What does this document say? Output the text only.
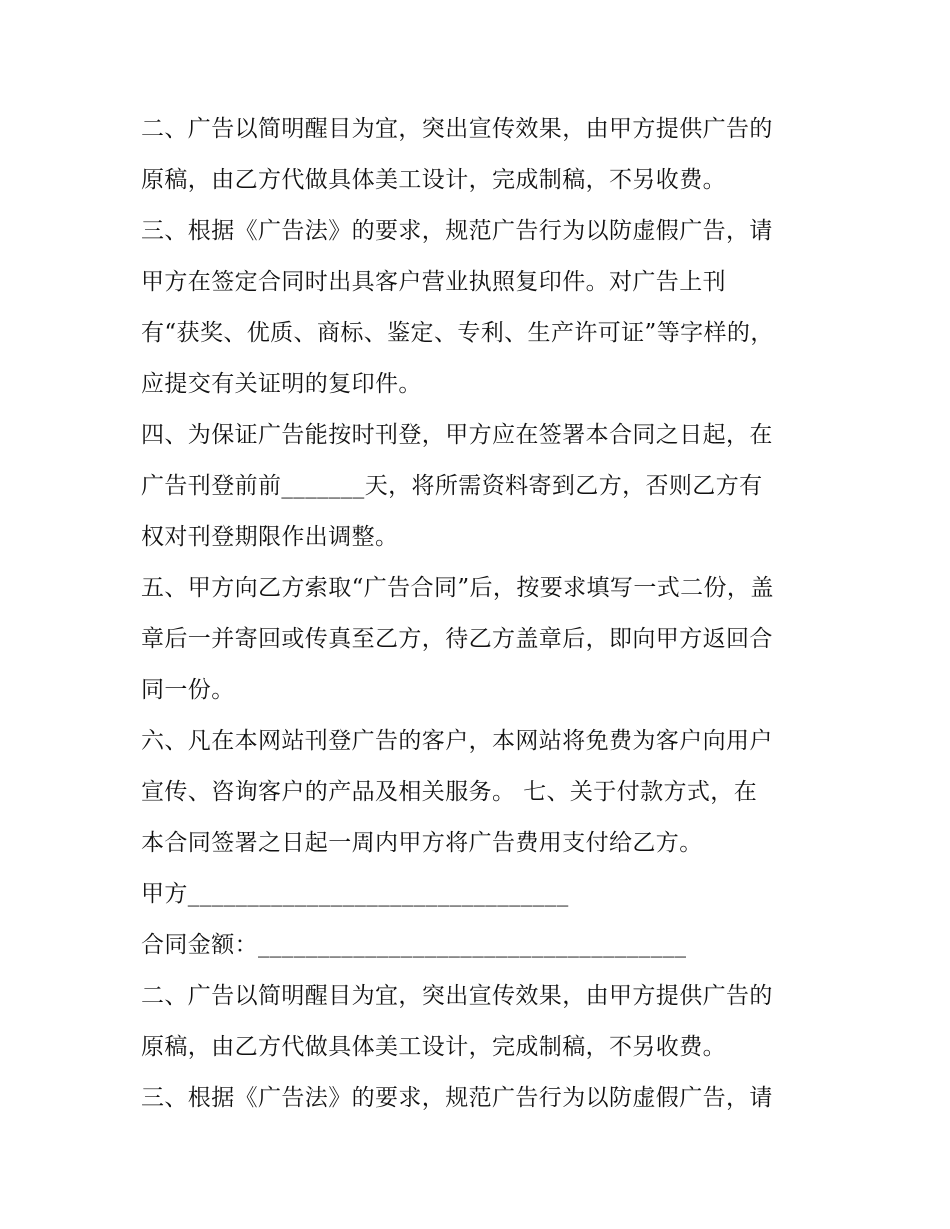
二、广告以简明醒目为宜，突出宣传效果，由甲方提供广告的
原稿，由乙方代做具体美工设计，完成制稿，不另收费。
三、根据《广告法》的要求，规范广告行为以防虚假广告，请
甲方在签定合同时出具客户营业执照复印件。对广告上刊
有“获奖、优质、商标、鉴定、专利、生产许可证”等字样的，
应提交有关证明的复印件。
四、为保证广告能按时刊登，甲方应在签署本合同之日起，在
广告刊登前前_______天，将所需资料寄到乙方，否则乙方有
权对刊登期限作出调整。
五、甲方向乙方索取“广告合同”后，按要求填写一式二份，盖
章后一并寄回或传真至乙方，待乙方盖章后，即向甲方返回合
同一份。
六、凡在本网站刊登广告的客户，本网站将免费为客户向用户
宣传、咨询客户的产品及相关服务。 七、关于付款方式，在
本合同签署之日起一周内甲方将广告费用支付给乙方。
甲方________________________________
合同金额：____________________________________
二、广告以简明醒目为宜，突出宣传效果，由甲方提供广告的
原稿，由乙方代做具体美工设计，完成制稿，不另收费。
三、根据《广告法》的要求，规范广告行为以防虚假广告，请
